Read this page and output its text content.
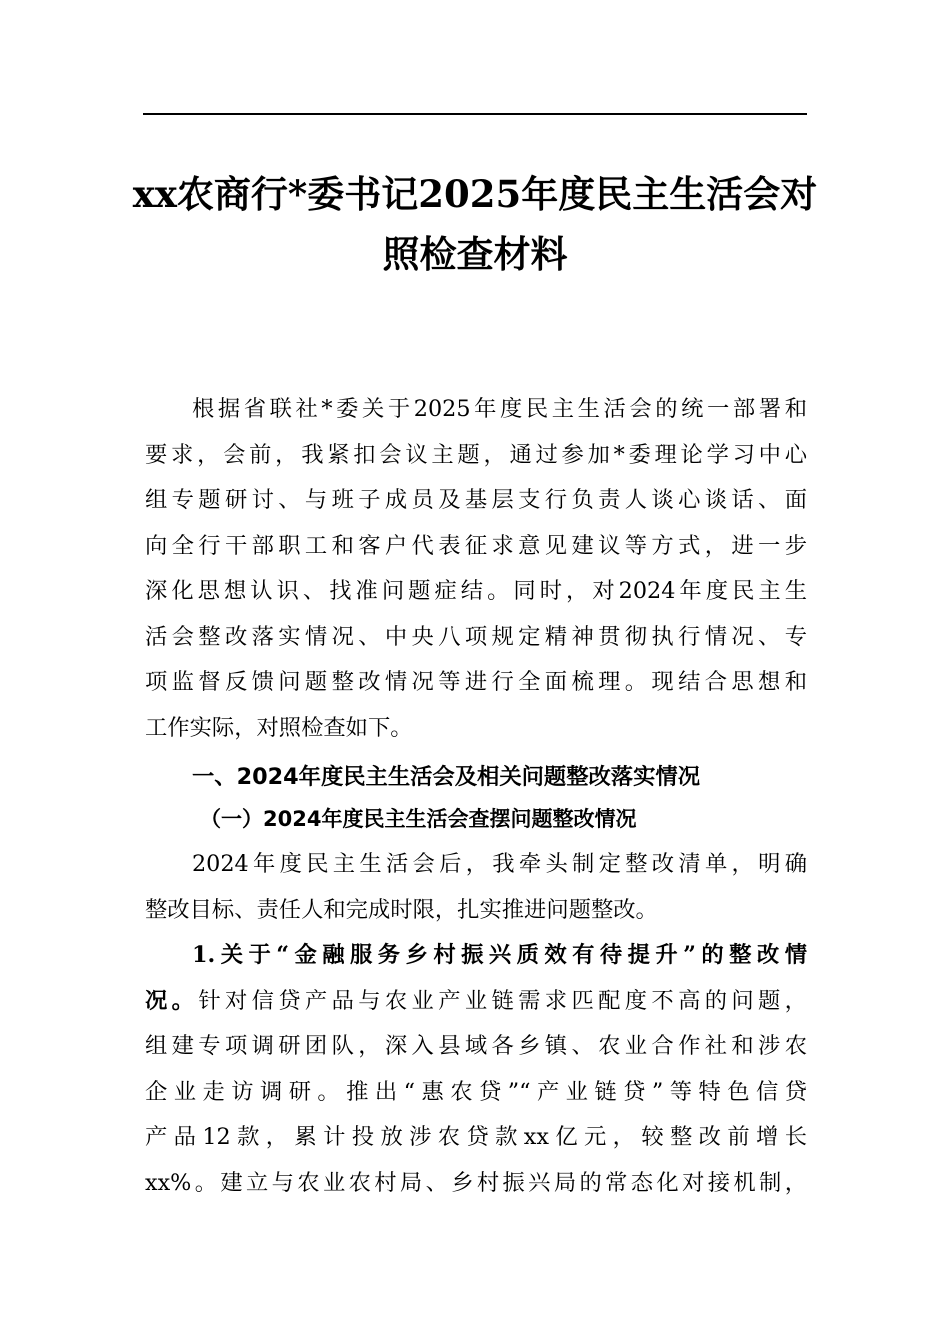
xx农商行*委书记2025年度民主生活会对
照检查材料
根据省联社*委关于2025年度民主生活会的统一部署和
要求，会前，我紧扣会议主题，通过参加*委理论学习中心
组专题研讨、与班子成员及基层支行负责人谈心谈话、面
向全行干部职工和客户代表征求意见建议等方式，进一步
深化思想认识、找准问题症结。同时，对2024年度民主生
活会整改落实情况、中央八项规定精神贯彻执行情况、专
项监督反馈问题整改情况等进行全面梳理。现结合思想和
工作实际，对照检查如下。
一、2024年度民主生活会及相关问题整改落实情况
（一）2024年度民主生活会查摆问题整改情况
2024年度民主生活会后，我牵头制定整改清单，明确
整改目标、责任人和完成时限，扎实推进问题整改。
1.关于“金融服务乡村振兴质效有待提升”的整改情
况。针对信贷产品与农业产业链需求匹配度不高的问题，
组建专项调研团队，深入县域各乡镇、农业合作社和涉农
企业走访调研。推出“惠农贷”“产业链贷”等特色信贷
产品12款，累计投放涉农贷款xx亿元，较整改前增长
xx%。建立与农业农村局、乡村振兴局的常态化对接机制，
